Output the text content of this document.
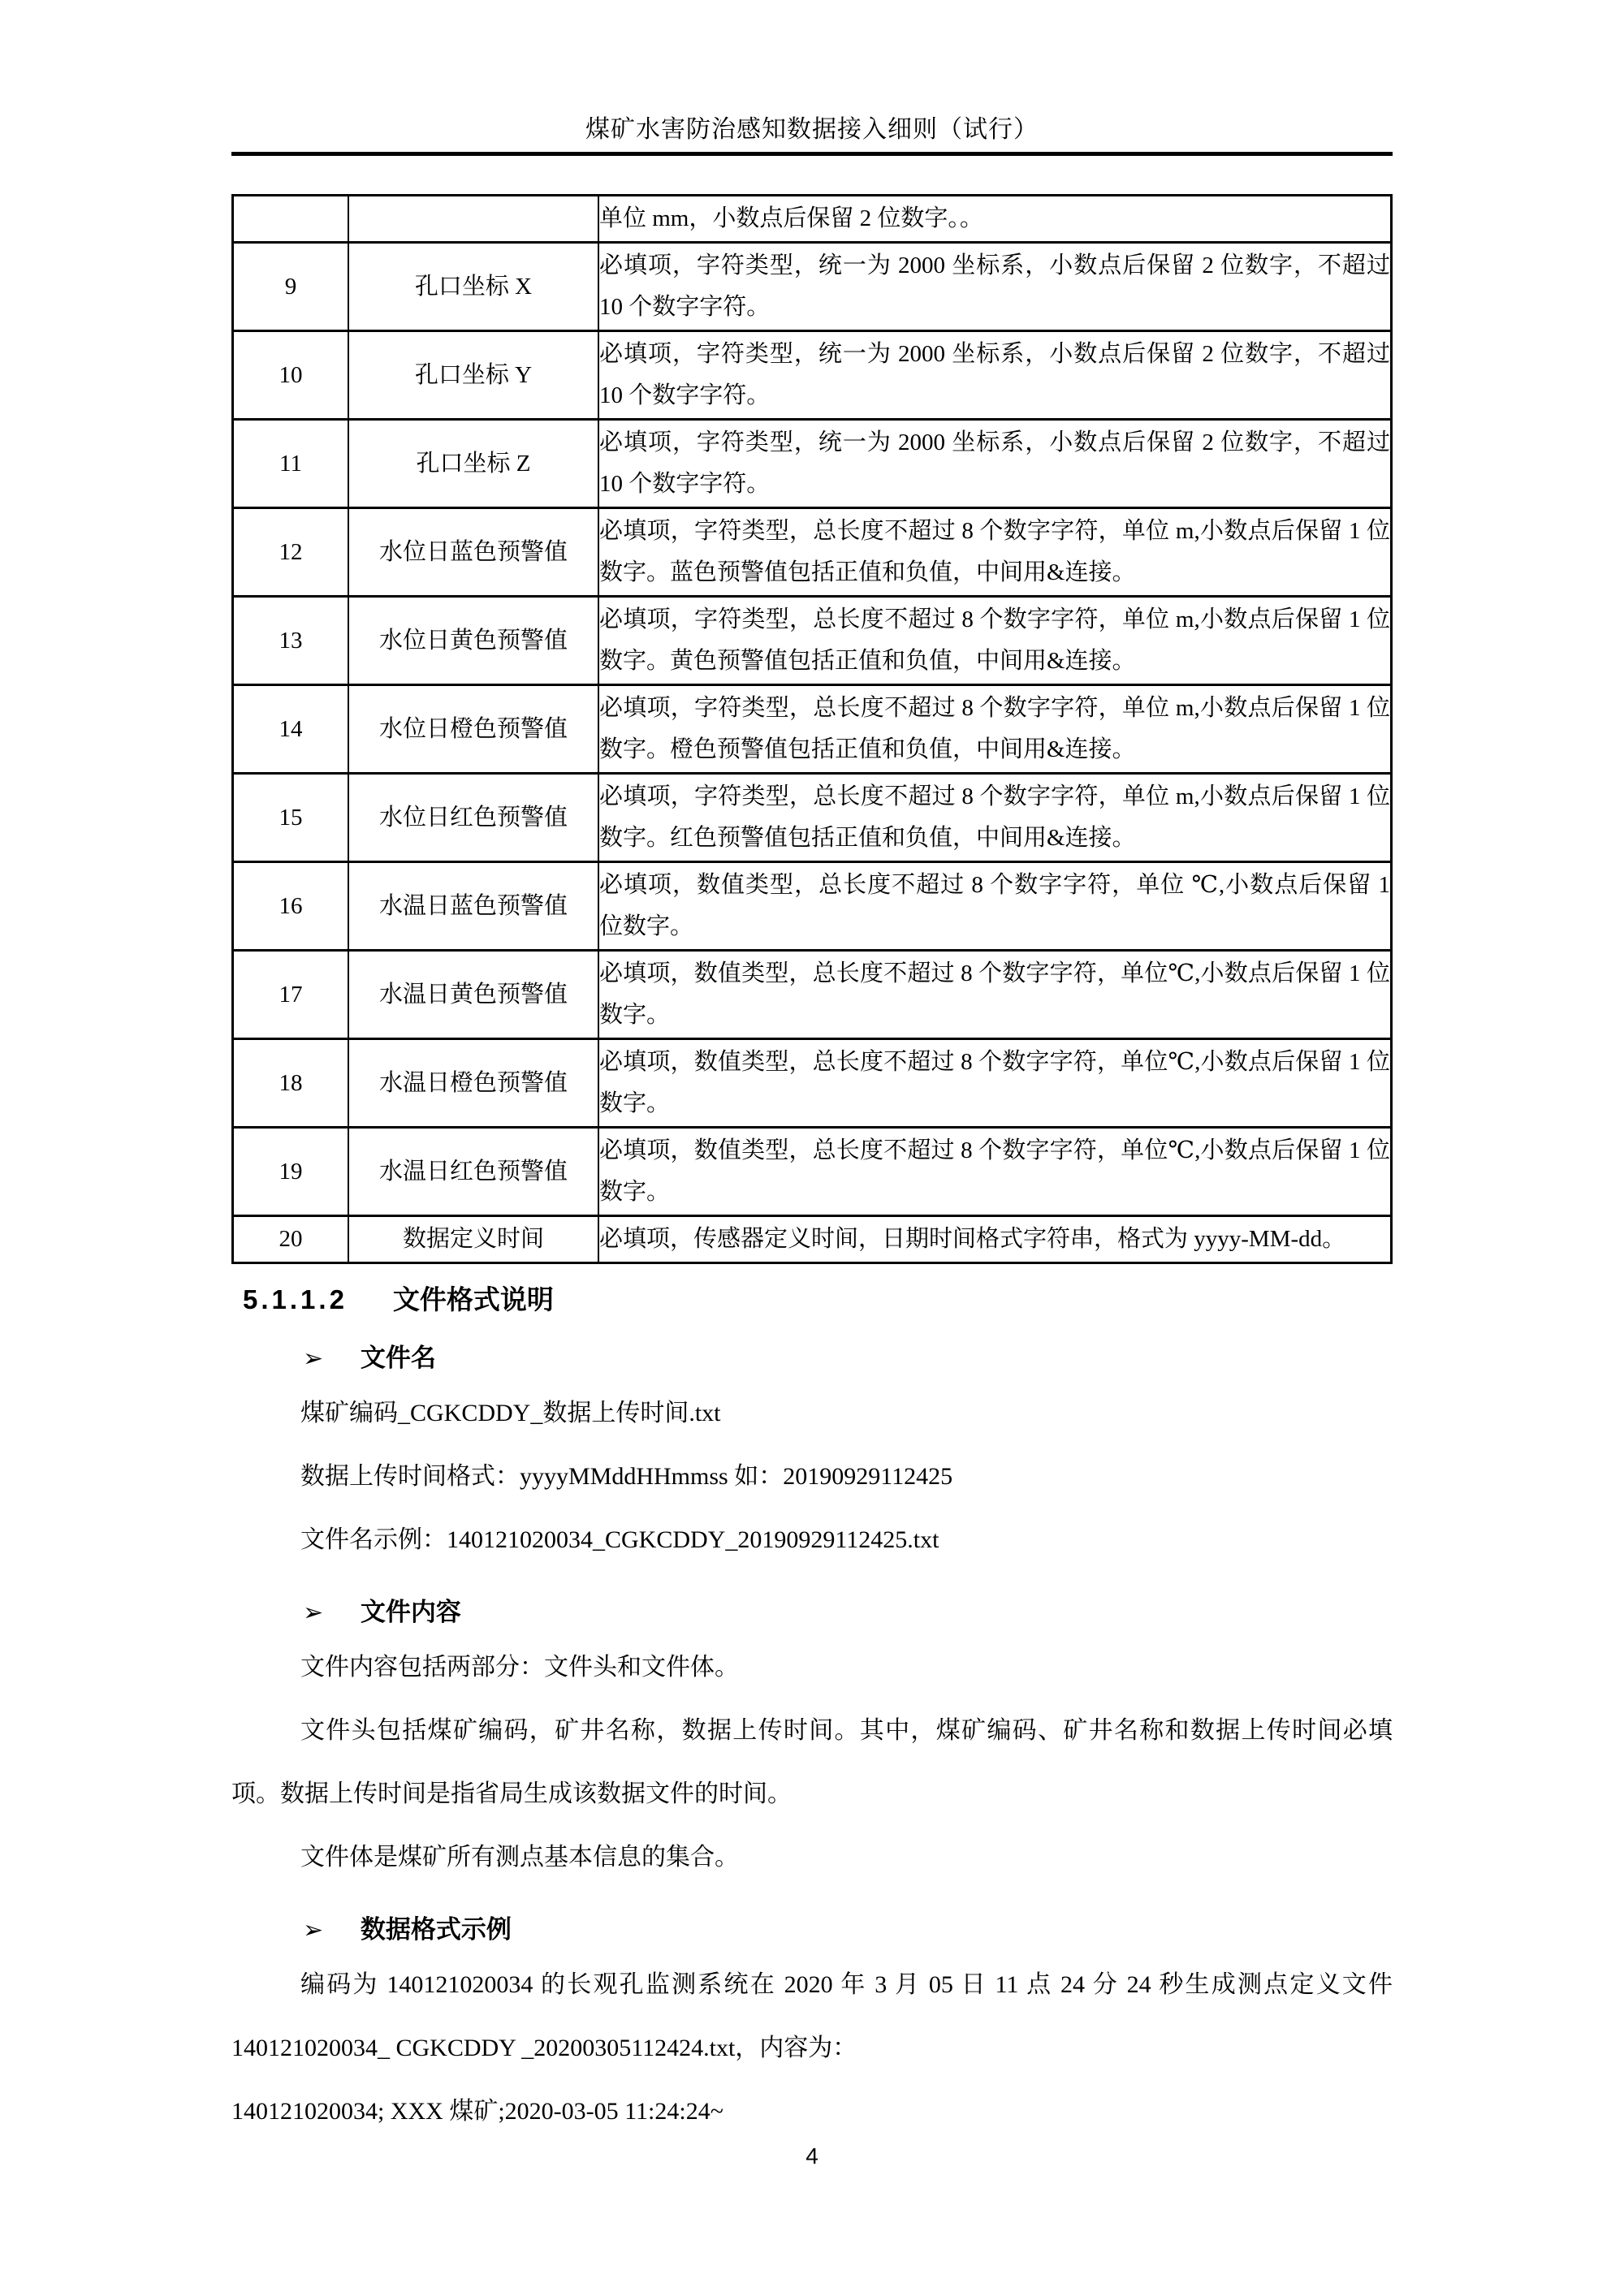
煤矿水害防治感知数据接入细则（试行）
		单位 mm，小数点后保留 2 位数字。。
9	孔口坐标 X	必填项，字符类型，统一为 2000 坐标系，小数点后保留 2 位数字，不超过 10 个数字字符。
10	孔口坐标 Y	必填项，字符类型，统一为 2000 坐标系，小数点后保留 2 位数字，不超过 10 个数字字符。
11	孔口坐标 Z	必填项，字符类型，统一为 2000 坐标系，小数点后保留 2 位数字，不超过 10 个数字字符。
12	水位日蓝色预警值	必填项，字符类型，总长度不超过 8 个数字字符，单位 m,小数点后保留 1 位数字。蓝色预警值包括正值和负值，中间用&连接。
13	水位日黄色预警值	必填项，字符类型，总长度不超过 8 个数字字符，单位 m,小数点后保留 1 位数字。黄色预警值包括正值和负值，中间用&连接。
14	水位日橙色预警值	必填项，字符类型，总长度不超过 8 个数字字符，单位 m,小数点后保留 1 位数字。橙色预警值包括正值和负值，中间用&连接。
15	水位日红色预警值	必填项，字符类型，总长度不超过 8 个数字字符，单位 m,小数点后保留 1 位数字。红色预警值包括正值和负值，中间用&连接。
16	水温日蓝色预警值	必填项，数值类型，总长度不超过 8 个数字字符，单位 ℃,小数点后保留 1 位数字。
17	水温日黄色预警值	必填项，数值类型，总长度不超过 8 个数字字符，单位℃,小数点后保留 1 位数字。
18	水温日橙色预警值	必填项，数值类型，总长度不超过 8 个数字字符，单位℃,小数点后保留 1 位数字。
19	水温日红色预警值	必填项，数值类型，总长度不超过 8 个数字字符，单位℃,小数点后保留 1 位数字。
20	数据定义时间	必填项，传感器定义时间，日期时间格式字符串，格式为 yyyy-MM-dd。
5.1.1.2 文件格式说明
➢ 文件名

煤矿编码_CGKCDDY_数据上传时间.txt

数据上传时间格式：yyyyMMddHHmmss 如：20190929112425

文件名示例：140121020034_CGKCDDY_20190929112425.txt

➢ 文件内容

文件内容包括两部分：文件头和文件体。

文件头包括煤矿编码，矿井名称，数据上传时间。其中，煤矿编码、矿井名称和数据上传时间必填项。数据上传时间是指省局生成该数据文件的时间。

文件体是煤矿所有测点基本信息的集合。

➢ 数据格式示例

编码为 140121020034 的长观孔监测系统在 2020 年 3 月 05 日 11 点 24 分 24 秒生成测点定义文件 140121020034_ CGKCDDY _20200305112424.txt，内容为：

140121020034; XXX 煤矿;2020-03-05 11:24:24~

4
